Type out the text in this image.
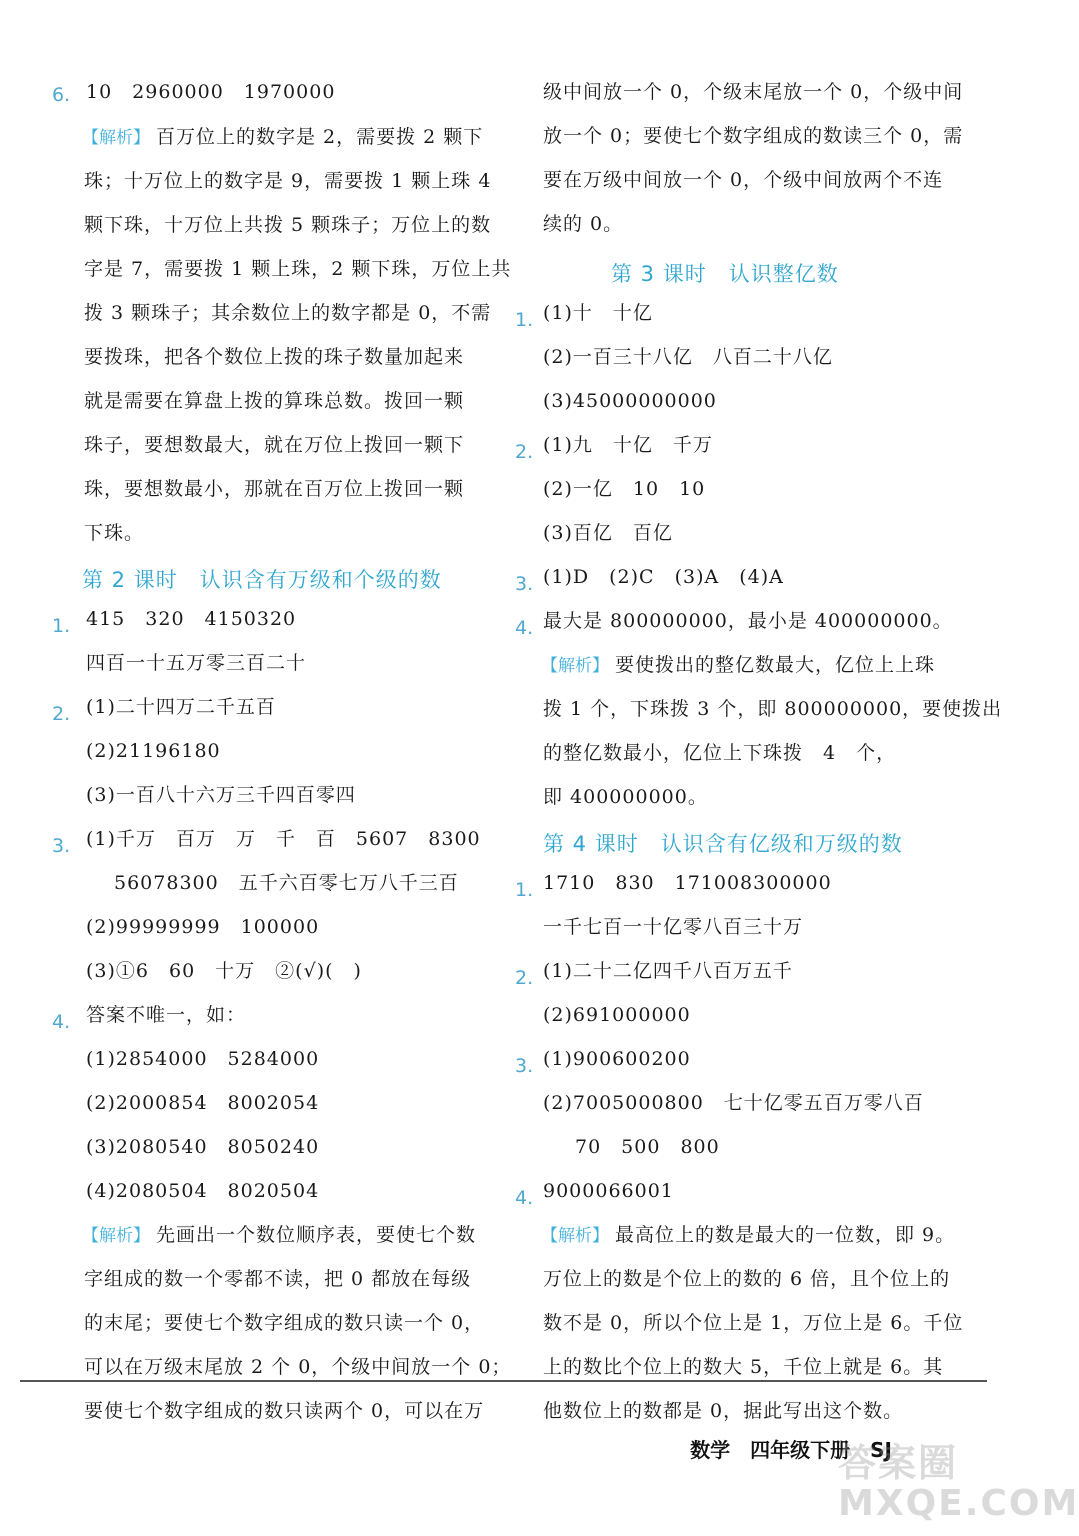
6. 10　2960000　1970000
【解析】 百万位上的数字是 2，需要拨 2 颗下
珠；十万位上的数字是 9，需要拨 1 颗上珠 4
颗下珠，十万位上共拨 5 颗珠子；万位上的数
字是 7，需要拨 1 颗上珠，2 颗下珠，万位上共
拨 3 颗珠子；其余数位上的数字都是 0，不需
要拨珠，把各个数位上拨的珠子数量加起来
就是需要在算盘上拨的算珠总数。拨回一颗
珠子，要想数最大，就在万位上拨回一颗下
珠，要想数最小，那就在百万位上拨回一颗
下珠。
第 2 课时　认识含有万级和个级的数
1. 415　320　4150320
四百一十五万零三百二十
2. (1)二十四万二千五百
(2)21196180
(3)一百八十六万三千四百零四
3. (1)千万　百万　万　千　百　5607　8300
56078300　五千六百零七万八千三百
(2)99999999　100000
(3)①6　60　十万　②(√)(　)
4. 答案不唯一，如：
(1)2854000　5284000
(2)2000854　8002054
(3)2080540　8050240
(4)2080504　8020504
【解析】 先画出一个数位顺序表，要使七个数
字组成的数一个零都不读，把 0 都放在每级
的末尾；要使七个数字组成的数只读一个 0，
可以在万级末尾放 2 个 0，个级中间放一个 0；
要使七个数字组成的数只读两个 0，可以在万
级中间放一个 0，个级末尾放一个 0，个级中间
放一个 0；要使七个数字组成的数读三个 0，需
要在万级中间放一个 0，个级中间放两个不连
续的 0。
第 3 课时　认识整亿数
1. (1)十　十亿
(2)一百三十八亿　八百二十八亿
(3)45000000000
2. (1)九　十亿　千万
(2)一亿　10　10
(3)百亿　百亿
3. (1)D　(2)C　(3)A　(4)A
4. 最大是 800000000，最小是 400000000。
【解析】 要使拨出的整亿数最大，亿位上上珠
拨 1 个，下珠拨 3 个，即 800000000，要使拨出
的整亿数最小，亿位上下珠拨　4　个，
即 400000000。
第 4 课时　认识含有亿级和万级的数
1. 1710　830　171008300000
一千七百一十亿零八百三十万
2. (1)二十二亿四千八百万五千
(2)691000000
3. (1)900600200
(2)7005000800　七十亿零五百万零八百
70　500　800
4. 9000066001
【解析】 最高位上的数是最大的一位数，即 9。
万位上的数是个位上的数的 6 倍，且个位上的
数不是 0，所以个位上是 1，万位上是 6。千位
上的数比个位上的数大 5，千位上就是 6。其
他数位上的数都是 0，据此写出这个数。
数学　四年级下册　SJ
答案圈
MXQE.COM
